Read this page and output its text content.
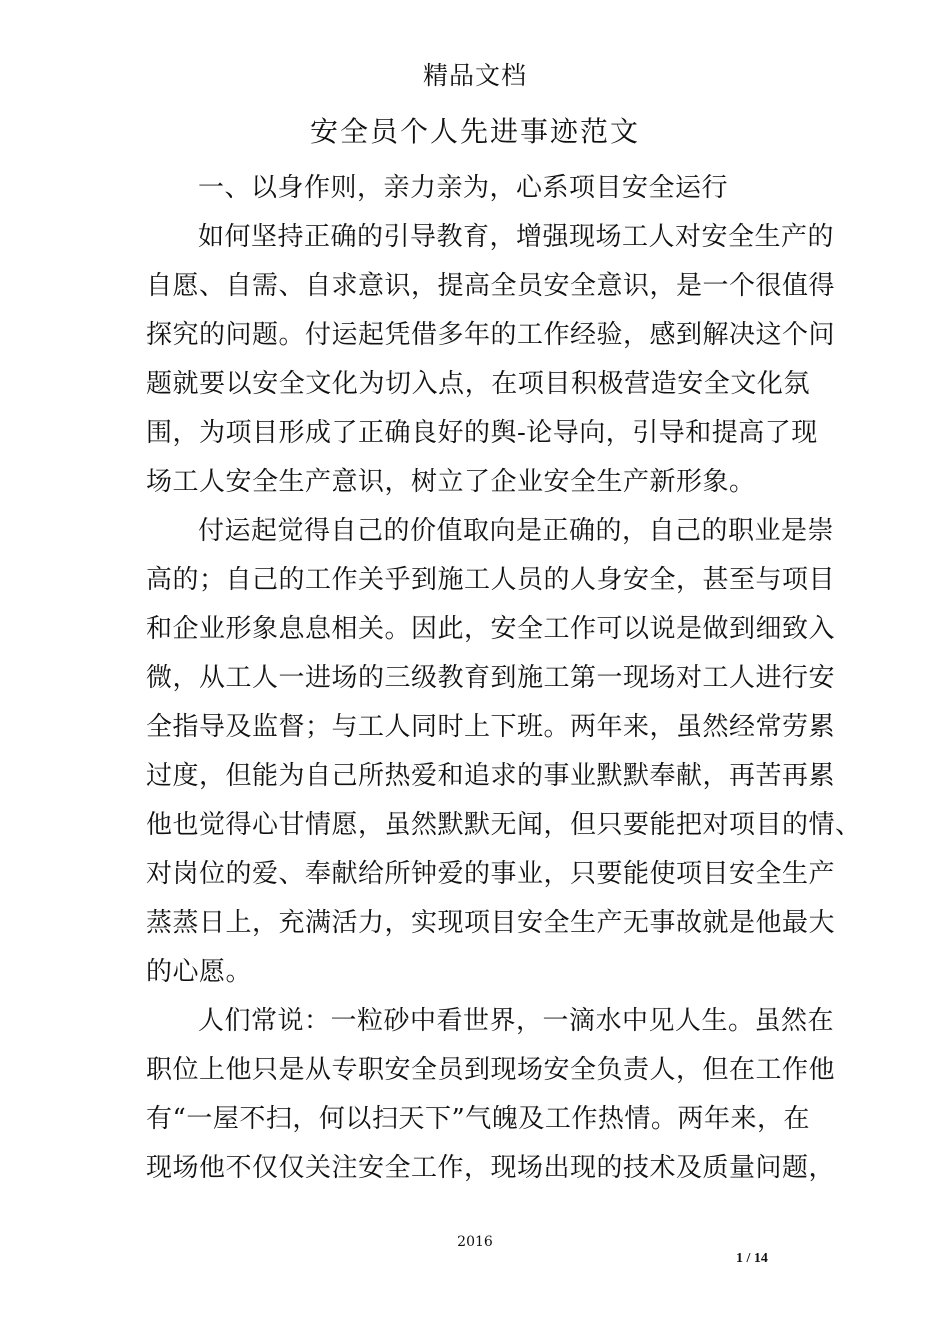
精品文档
安全员个人先进事迹范文
一、以身作则，亲力亲为，心系项目安全运行
如何坚持正确的引导教育，增强现场工人对安全生产的
自愿、自需、自求意识，提高全员安全意识，是一个很值得
探究的问题。付运起凭借多年的工作经验，感到解决这个问
题就要以安全文化为切入点，在项目积极营造安全文化氛
围，为项目形成了正确良好的舆-论导向，引导和提高了现
场工人安全生产意识，树立了企业安全生产新形象。
付运起觉得自己的价值取向是正确的，自己的职业是崇
高的；自己的工作关乎到施工人员的人身安全，甚至与项目
和企业形象息息相关。因此，安全工作可以说是做到细致入
微，从工人一进场的三级教育到施工第一现场对工人进行安
全指导及监督；与工人同时上下班。两年来，虽然经常劳累
过度，但能为自己所热爱和追求的事业默默奉献，再苦再累
他也觉得心甘情愿，虽然默默无闻，但只要能把对项目的情、
对岗位的爱、奉献给所钟爱的事业，只要能使项目安全生产
蒸蒸日上，充满活力，实现项目安全生产无事故就是他最大
的心愿。
人们常说：一粒砂中看世界，一滴水中见人生。虽然在
职位上他只是从专职安全员到现场安全负责人，但在工作他
有“一屋不扫，何以扫天下”气魄及工作热情。两年来，在
现场他不仅仅关注安全工作，现场出现的技术及质量问题，
2016
1 / 14
